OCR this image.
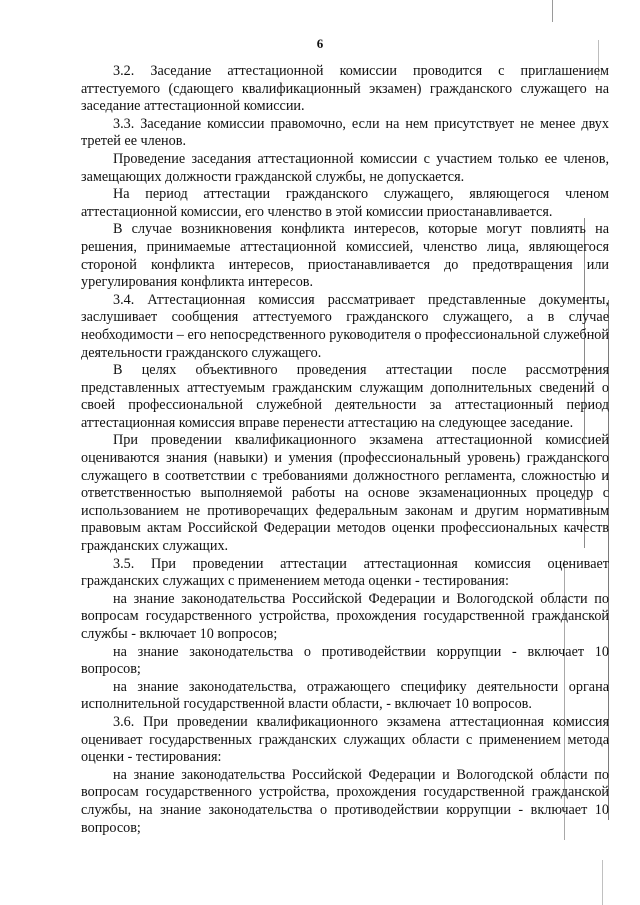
6

3.2. Заседание аттестационной комиссии проводится с приглашением аттестуемого (сдающего квалификационный экзамен) гражданского служащего на заседание аттестационной комиссии.

3.3. Заседание комиссии правомочно, если на нем присутствует не менее двух третей ее членов.

Проведение заседания аттестационной комиссии с участием только ее членов, замещающих должности гражданской службы, не допускается.

На период аттестации гражданского служащего, являющегося членом аттестационной комиссии, его членство в этой комиссии приостанавливается.

В случае возникновения конфликта интересов, которые могут повлиять на решения, принимаемые аттестационной комиссией, членство лица, являющегося стороной конфликта интересов, приостанавливается до предотвращения или урегулирования конфликта интересов.

3.4. Аттестационная комиссия рассматривает представленные документы, заслушивает сообщения аттестуемого гражданского служащего, а в случае необходимости – его непосредственного руководителя о профессиональной служебной деятельности гражданского служащего.

В целях объективного проведения аттестации после рассмотрения представленных аттестуемым гражданским служащим дополнительных сведений о своей профессиональной служебной деятельности за аттестационный период аттестационная комиссия вправе перенести аттестацию на следующее заседание.

При проведении квалификационного экзамена аттестационной комиссией оцениваются знания (навыки) и умения (профессиональный уровень) гражданского служащего в соответствии с требованиями должностного регламента, сложностью и ответственностью выполняемой работы на основе экзаменационных процедур с использованием не противоречащих федеральным законам и другим нормативным правовым актам Российской Федерации методов оценки профессиональных качеств гражданских служащих.

3.5. При проведении аттестации аттестационная комиссия оценивает гражданских служащих с применением метода оценки - тестирования:

на знание законодательства Российской Федерации и Вологодской области по вопросам государственного устройства, прохождения государственной гражданской службы - включает 10 вопросов;

на знание законодательства о противодействии коррупции - включает 10 вопросов;

на знание законодательства, отражающего специфику деятельности органа исполнительной государственной власти области, - включает 10 вопросов.

3.6. При проведении квалификационного экзамена аттестационная комиссия оценивает государственных гражданских служащих области с применением метода оценки - тестирования:

на знание законодательства Российской Федерации и Вологодской области по вопросам государственного устройства, прохождения государственной гражданской службы, на знание законодательства о противодействии коррупции - включает 10 вопросов;
